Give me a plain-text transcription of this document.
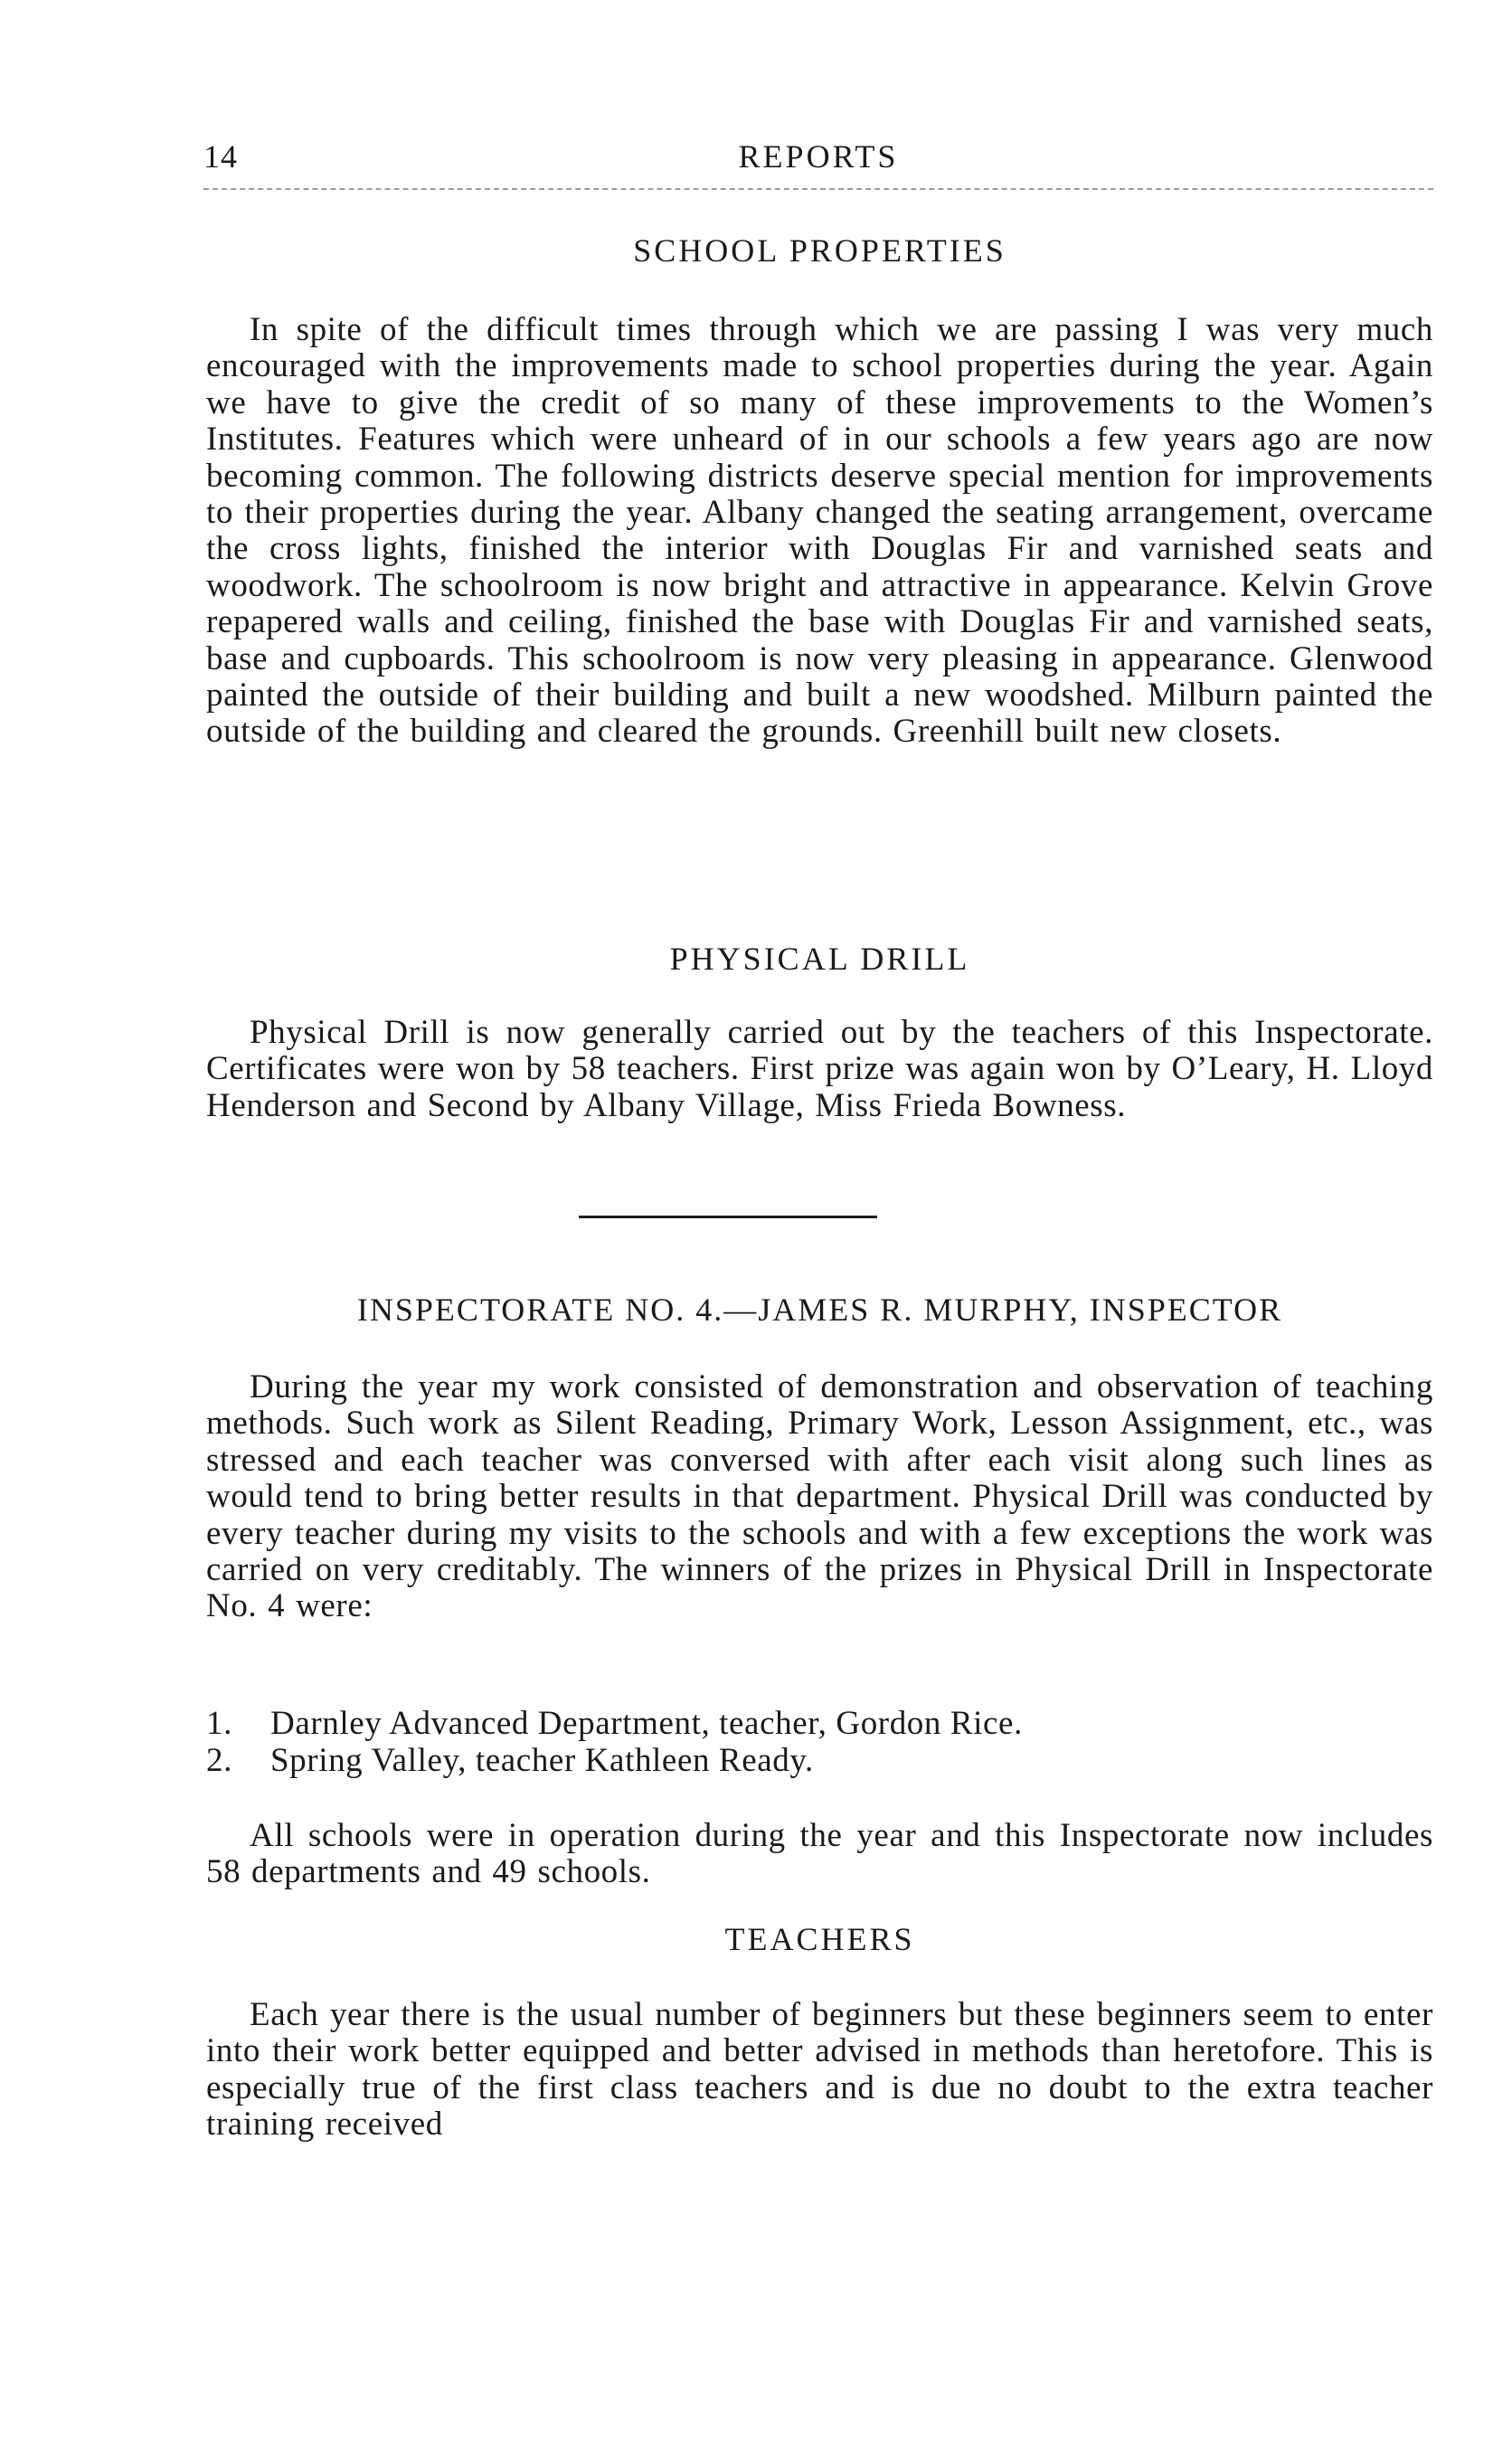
14	REPORTS
SCHOOL PROPERTIES

In spite of the difficult times through which we are passing I was very much encouraged with the improvements made to school properties during the year. Again we have to give the credit of so many of these improvements to the Women’s Institutes. Features which were unheard of in our schools a few years ago are now becoming common. The following districts deserve special mention for improvements to their properties during the year. Albany changed the seating arrangement, overcame the cross lights, finished the interior with Douglas Fir and varnished seats and woodwork. The schoolroom is now bright and attractive in appearance. Kelvin Grove repapered walls and ceiling, finished the base with Douglas Fir and varnished seats, base and cupboards. This schoolroom is now very pleasing in appearance. Glenwood painted the outside of their building and built a new woodshed. Milburn painted the outside of the building and cleared the grounds. Greenhill built new closets.

PHYSICAL DRILL

Physical Drill is now generally carried out by the teachers of this Inspectorate. Certificates were won by 58 teachers. First prize was again won by O’Leary, H. Lloyd Henderson and Second by Albany Village, Miss Frieda Bowness.

INSPECTORATE NO. 4.—JAMES R. MURPHY, INSPECTOR

During the year my work consisted of demonstration and observation of teaching methods. Such work as Silent Reading, Primary Work, Lesson Assignment, etc., was stressed and each teacher was conversed with after each visit along such lines as would tend to bring better results in that department. Physical Drill was conducted by every teacher during my visits to the schools and with a few exceptions the work was carried on very creditably. The winners of the prizes in Physical Drill in Inspectorate No. 4 were:

1. Darnley Advanced Department, teacher, Gordon Rice.
2. Spring Valley, teacher Kathleen Ready.

All schools were in operation during the year and this Inspectorate now includes 58 departments and 49 schools.

TEACHERS

Each year there is the usual number of beginners but these beginners seem to enter into their work better equipped and better advised in methods than heretofore. This is especially true of the first class teachers and is due no doubt to the extra teacher training received
